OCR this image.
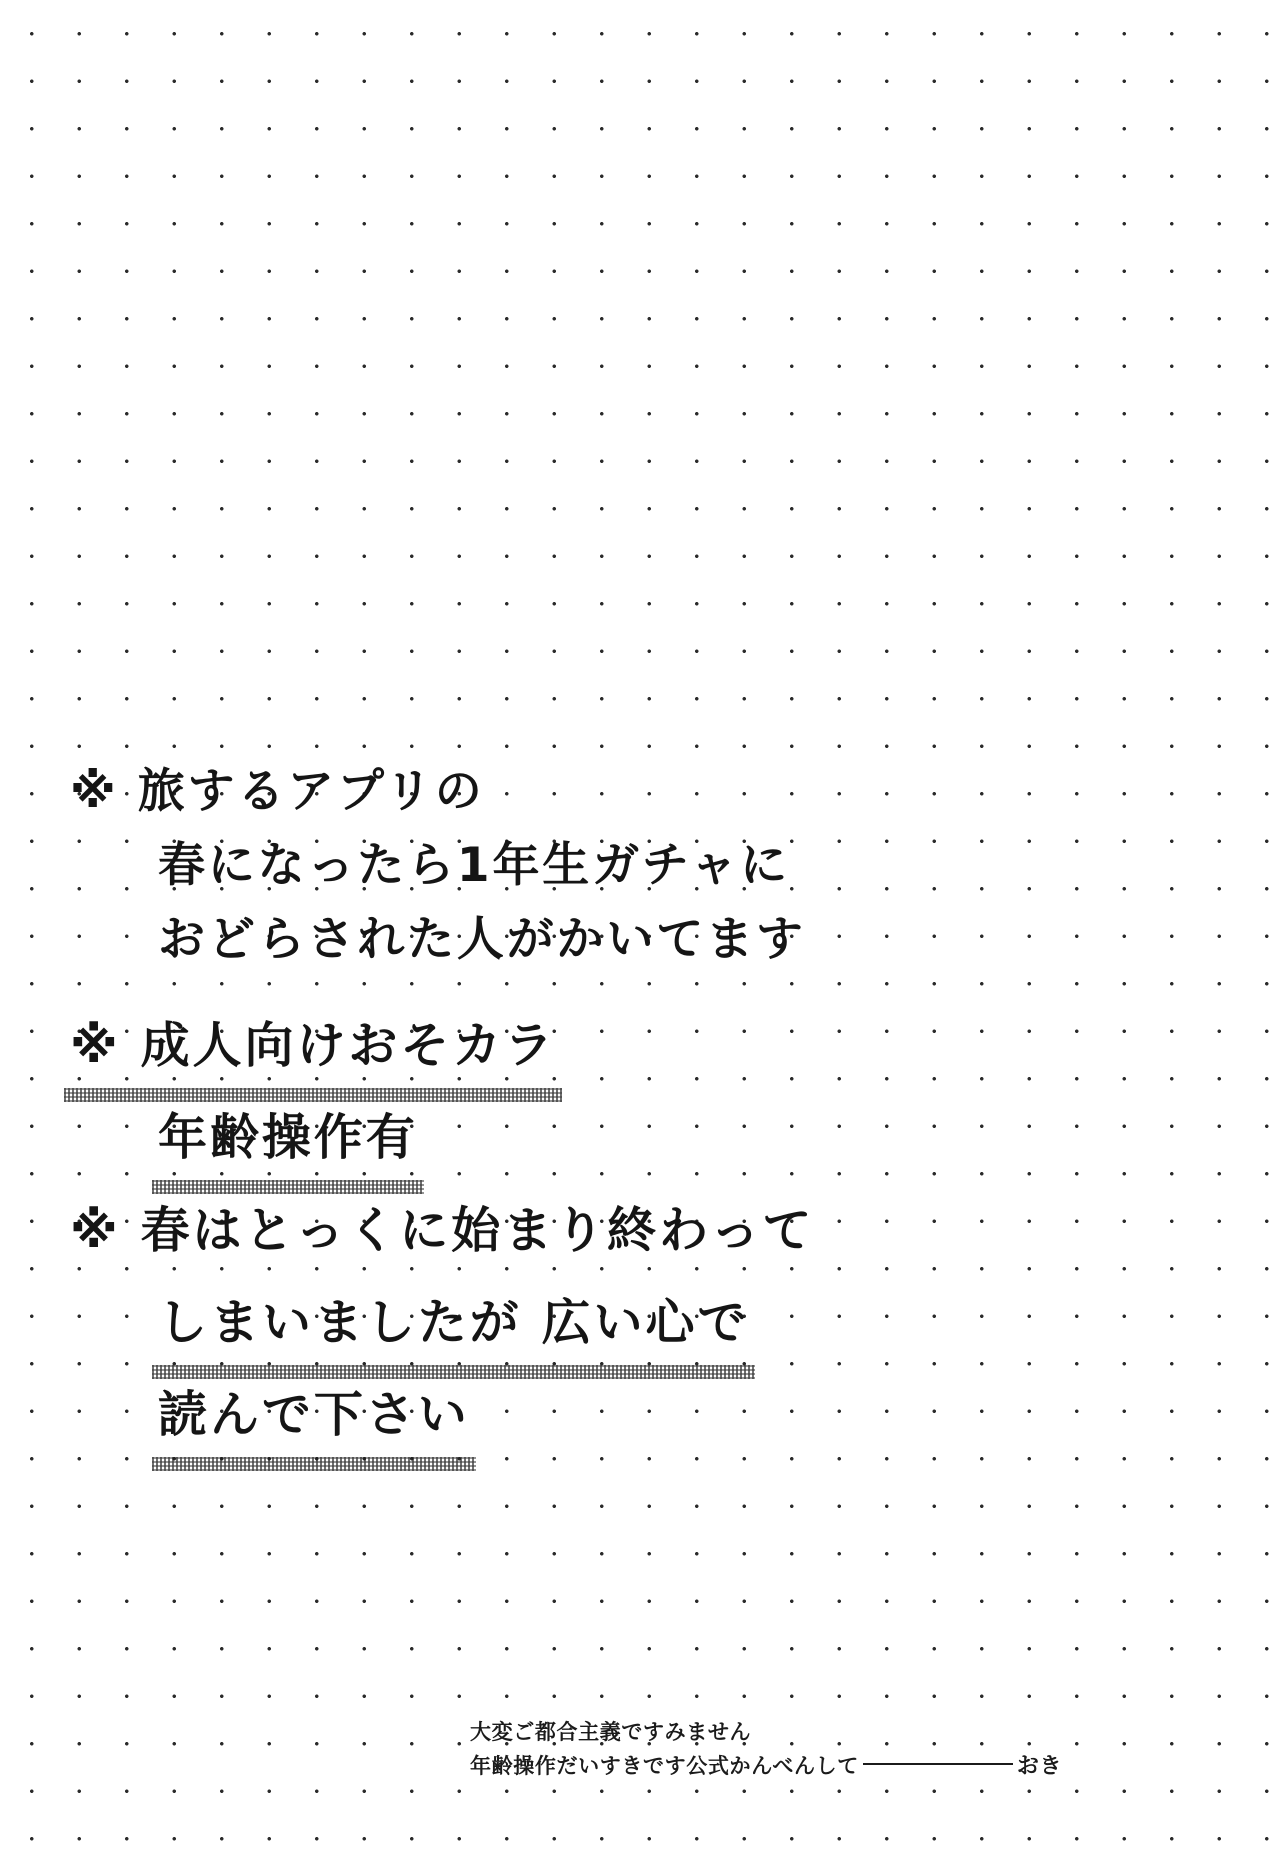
※ 旅するアプリの
春になったら1年生ガチャに
おどらされた人がかいてます
※ 成人向けおそカラ
年齢操作有
※ 春はとっくに始まり終わって
しまいましたが 広い心で
読んで下さい
大変ご都合主義ですみません
年齢操作だいすきです公式かんべんして	おき
